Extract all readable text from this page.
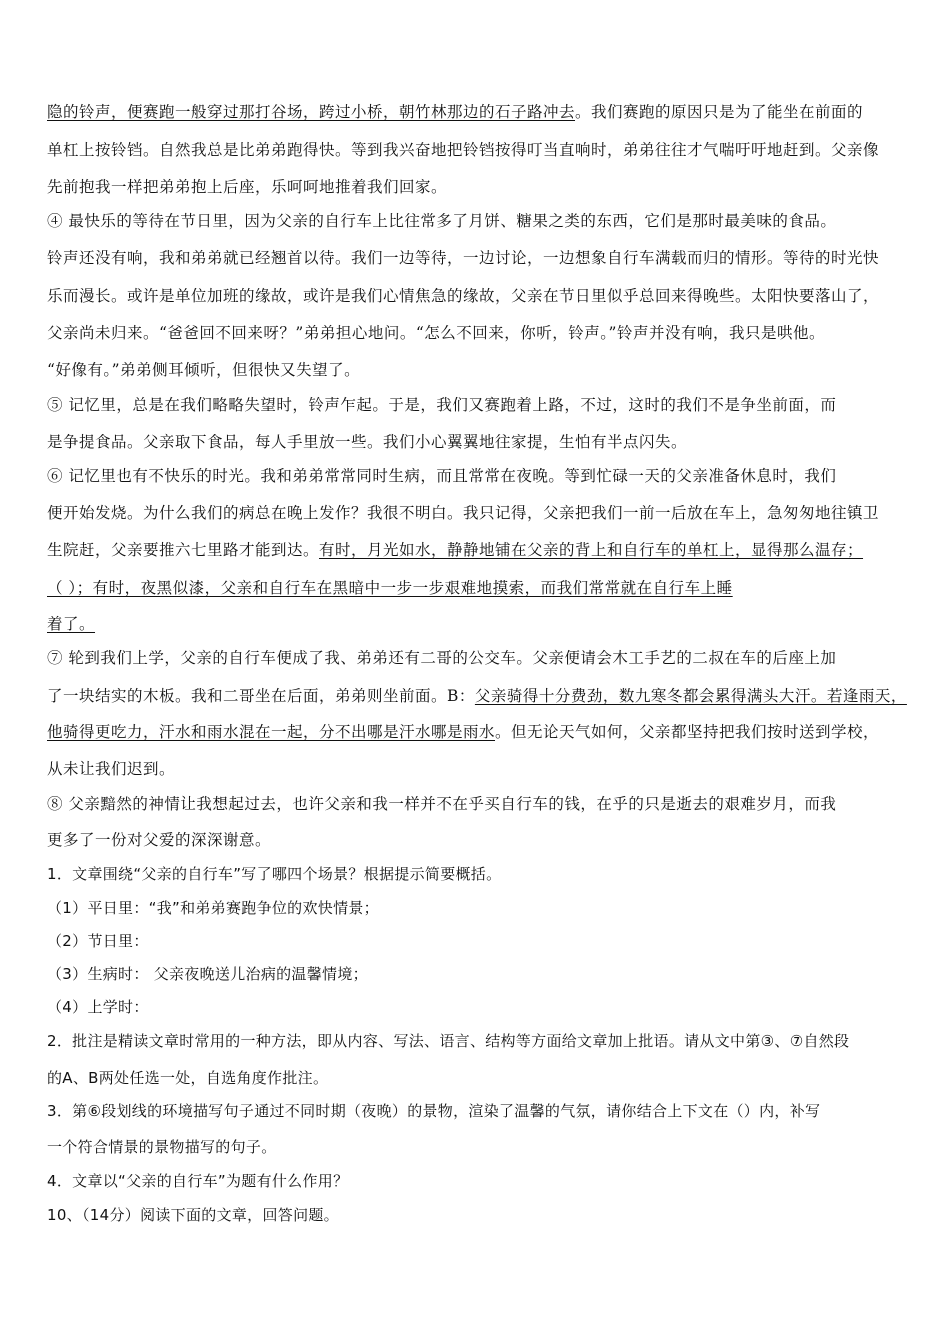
隐的铃声，便赛跑一般穿过那打谷场，跨过小桥，朝竹林那边的石子路冲去。我们赛跑的原因只是为了能坐在前面的
单杠上按铃铛。自然我总是比弟弟跑得快。等到我兴奋地把铃铛按得叮当直响时，弟弟往往才气喘吁吁地赶到。父亲像
先前抱我一样把弟弟抱上后座，乐呵呵地推着我们回家。
④ 最快乐的等待在节日里，因为父亲的自行车上比往常多了月饼、糖果之类的东西，它们是那时最美味的食品。
铃声还没有响，我和弟弟就已经翘首以待。我们一边等待，一边讨论，一边想象自行车满载而归的情形。等待的时光快
乐而漫长。或许是单位加班的缘故，或许是我们心情焦急的缘故，父亲在节日里似乎总回来得晚些。太阳快要落山了，
父亲尚未归来。“爸爸回不回来呀？”弟弟担心地问。“怎么不回来，你听，铃声。”铃声并没有响，我只是哄他。
“好像有。”弟弟侧耳倾听，但很快又失望了。
⑤ 记忆里，总是在我们略略失望时，铃声乍起。于是，我们又赛跑着上路，不过，这时的我们不是争坐前面，而
是争提食品。父亲取下食品，每人手里放一些。我们小心翼翼地往家提，生怕有半点闪失。
⑥ 记忆里也有不快乐的时光。我和弟弟常常同时生病，而且常常在夜晚。等到忙碌一天的父亲准备休息时，我们
便开始发烧。为什么我们的病总在晚上发作？我很不明白。我只记得，父亲把我们一前一后放在车上，急匆匆地往镇卫
生院赶，父亲要推六七里路才能到达。有时，月光如水，静静地铺在父亲的背上和自行车的单杠上，显得那么温存；
（ ）；有时，夜黑似漆，父亲和自行车在黑暗中一步一步艰难地摸索，而我们常常就在自行车上睡
着了。
⑦ 轮到我们上学，父亲的自行车便成了我、弟弟还有二哥的公交车。父亲便请会木工手艺的二叔在车的后座上加
了一块结实的木板。我和二哥坐在后面，弟弟则坐前面。B：父亲骑得十分费劲，数九寒冬都会累得满头大汗。若逢雨天，
他骑得更吃力，汗水和雨水混在一起，分不出哪是汗水哪是雨水。但无论天气如何，父亲都坚持把我们按时送到学校，
从未让我们迟到。
⑧ 父亲黯然的神情让我想起过去，也许父亲和我一样并不在乎买自行车的钱，在乎的只是逝去的艰难岁月，而我
更多了一份对父爱的深深谢意。
1．文章围绕“父亲的自行车”写了哪四个场景？根据提示简要概括。
（1）平日里：“我”和弟弟赛跑争位的欢快情景；
（2）节日里：
（3）生病时： 父亲夜晚送儿治病的温馨情境；
（4）上学时：
2．批注是精读文章时常用的一种方法，即从内容、写法、语言、结构等方面给文章加上批语。请从文中第③、⑦自然段
的A、B两处任选一处，自选角度作批注。
3．第⑥段划线的环境描写句子通过不同时期（夜晚）的景物，渲染了温馨的气氛，请你结合上下文在（）内，补写
一个符合情景的景物描写的句子。
4．文章以“父亲的自行车”为题有什么作用？
10、（14分）阅读下面的文章，回答问题。
